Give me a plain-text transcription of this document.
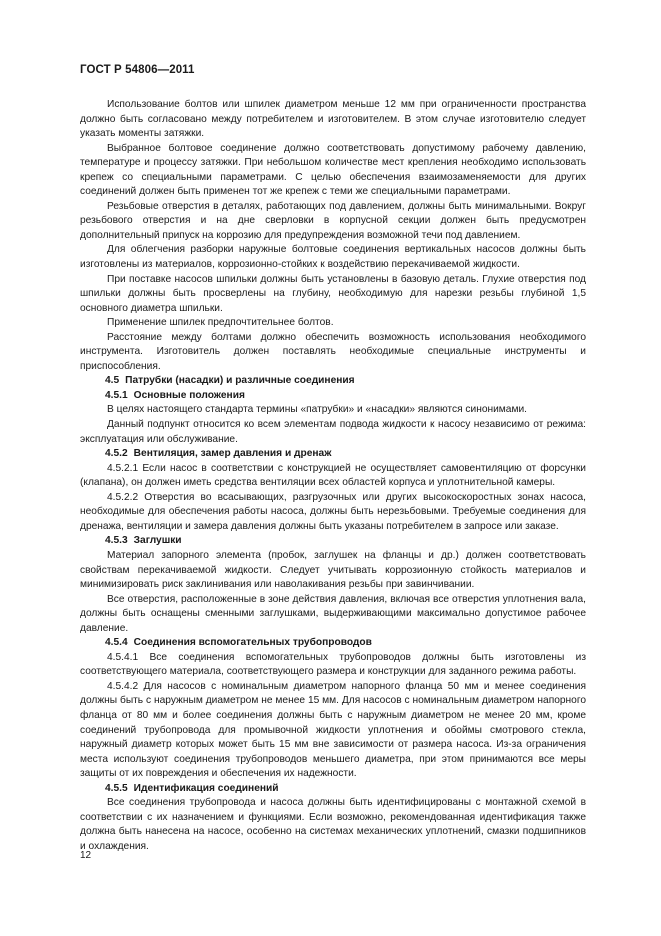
ГОСТ Р 54806—2011

Использование болтов или шпилек диаметром меньше 12 мм при ограниченности пространства должно быть согласовано между потребителем и изготовителем. В этом случае изготовителю следует указать моменты затяжки.

Выбранное болтовое соединение должно соответствовать допустимому рабочему давлению, температуре и процессу затяжки. При небольшом количестве мест крепления необходимо использовать крепеж со специальными параметрами. С целью обеспечения взаимозаменяемости для других соединений должен быть применен тот же крепеж с теми же специальными параметрами.

Резьбовые отверстия в деталях, работающих под давлением, должны быть минимальными. Вокруг резьбового отверстия и на дне сверловки в корпусной секции должен быть предусмотрен дополнительный припуск на коррозию для предупреждения возможной течи под давлением.

Для облегчения разборки наружные болтовые соединения вертикальных насосов должны быть изготовлены из материалов, коррозионно-стойких к воздействию перекачиваемой жидкости.

При поставке насосов шпильки должны быть установлены в базовую деталь. Глухие отверстия под шпильки должны быть просверлены на глубину, необходимую для нарезки резьбы глубиной 1,5 основного диаметра шпильки.

Применение шпилек предпочтительнее болтов.

Расстояние между болтами должно обеспечить возможность использования необходимого инструмента. Изготовитель должен поставлять необходимые специальные инструменты и приспособления.

4.5 Патрубки (насадки) и различные соединения
4.5.1 Основные положения

В целях настоящего стандарта термины «патрубки» и «насадки» являются синонимами.

Данный подпункт относится ко всем элементам подвода жидкости к насосу независимо от режима: эксплуатация или обслуживание.

4.5.2 Вентиляция, замер давления и дренаж

4.5.2.1 Если насос в соответствии с конструкцией не осуществляет самовентиляцию от форсунки (клапана), он должен иметь средства вентиляции всех областей корпуса и уплотнительной камеры.

4.5.2.2 Отверстия во всасывающих, разгрузочных или других высокоскоростных зонах насоса, необходимые для обеспечения работы насоса, должны быть нерезьбовыми. Требуемые соединения для дренажа, вентиляции и замера давления должны быть указаны потребителем в запросе или заказе.

4.5.3 Заглушки

Материал запорного элемента (пробок, заглушек на фланцы и др.) должен соответствовать свойствам перекачиваемой жидкости. Следует учитывать коррозионную стойкость материалов и минимизировать риск заклинивания или наволакивания резьбы при завинчивании.

Все отверстия, расположенные в зоне действия давления, включая все отверстия уплотнения вала, должны быть оснащены сменными заглушками, выдерживающими максимально допустимое рабочее давление.

4.5.4 Соединения вспомогательных трубопроводов

4.5.4.1 Все соединения вспомогательных трубопроводов должны быть изготовлены из соответствующего материала, соответствующего размера и конструкции для заданного режима работы.

4.5.4.2 Для насосов с номинальным диаметром напорного фланца 50 мм и менее соединения должны быть с наружным диаметром не менее 15 мм. Для насосов с номинальным диаметром напорного фланца от 80 мм и более соединения должны быть с наружным диаметром не менее 20 мм, кроме соединений трубопровода для промывочной жидкости уплотнения и обоймы смотрового стекла, наружный диаметр которых может быть 15 мм вне зависимости от размера насоса. Из-за ограничения места используют соединения трубопроводов меньшего диаметра, при этом принимаются все меры защиты от их повреждения и обеспечения их надежности.

4.5.5 Идентификация соединений

Все соединения трубопровода и насоса должны быть идентифицированы с монтажной схемой в соответствии с их назначением и функциями. Если возможно, рекомендованная идентификация также должна быть нанесена на насосе, особенно на системах механических уплотнений, смазки подшипников и охлаждения.

12
